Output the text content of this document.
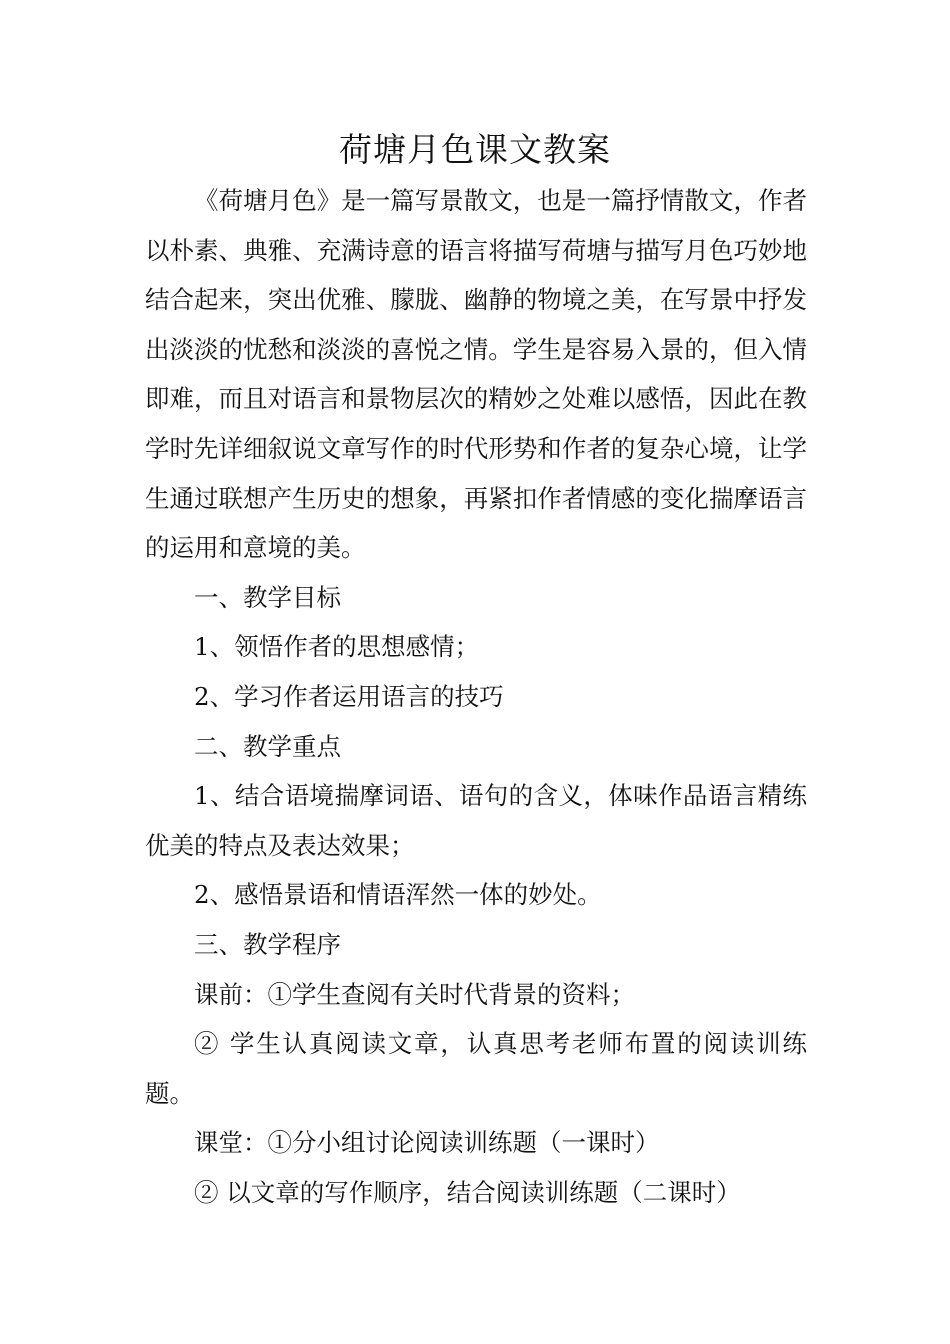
荷塘月色课文教案

《荷塘月色》是一篇写景散文，也是一篇抒情散文，作者以朴素、典雅、充满诗意的语言将描写荷塘与描写月色巧妙地结合起来，突出优雅、朦胧、幽静的物境之美，在写景中抒发出淡淡的忧愁和淡淡的喜悦之情。学生是容易入景的，但入情即难，而且对语言和景物层次的精妙之处难以感悟，因此在教学时先详细叙说文章写作的时代形势和作者的复杂心境，让学生通过联想产生历史的想象，再紧扣作者情感的变化揣摩语言的运用和意境的美。

一、教学目标

1、领悟作者的思想感情；

2、学习作者运用语言的技巧

二、教学重点

1、结合语境揣摩词语、语句的含义，体味作品语言精练优美的特点及表达效果；

2、感悟景语和情语浑然一体的妙处。

三、教学程序

课前：①学生查阅有关时代背景的资料；

② 学生认真阅读文章，认真思考老师布置的阅读训练题。

课堂：①分小组讨论阅读训练题（一课时）

② 以文章的写作顺序，结合阅读训练题（二课时）
